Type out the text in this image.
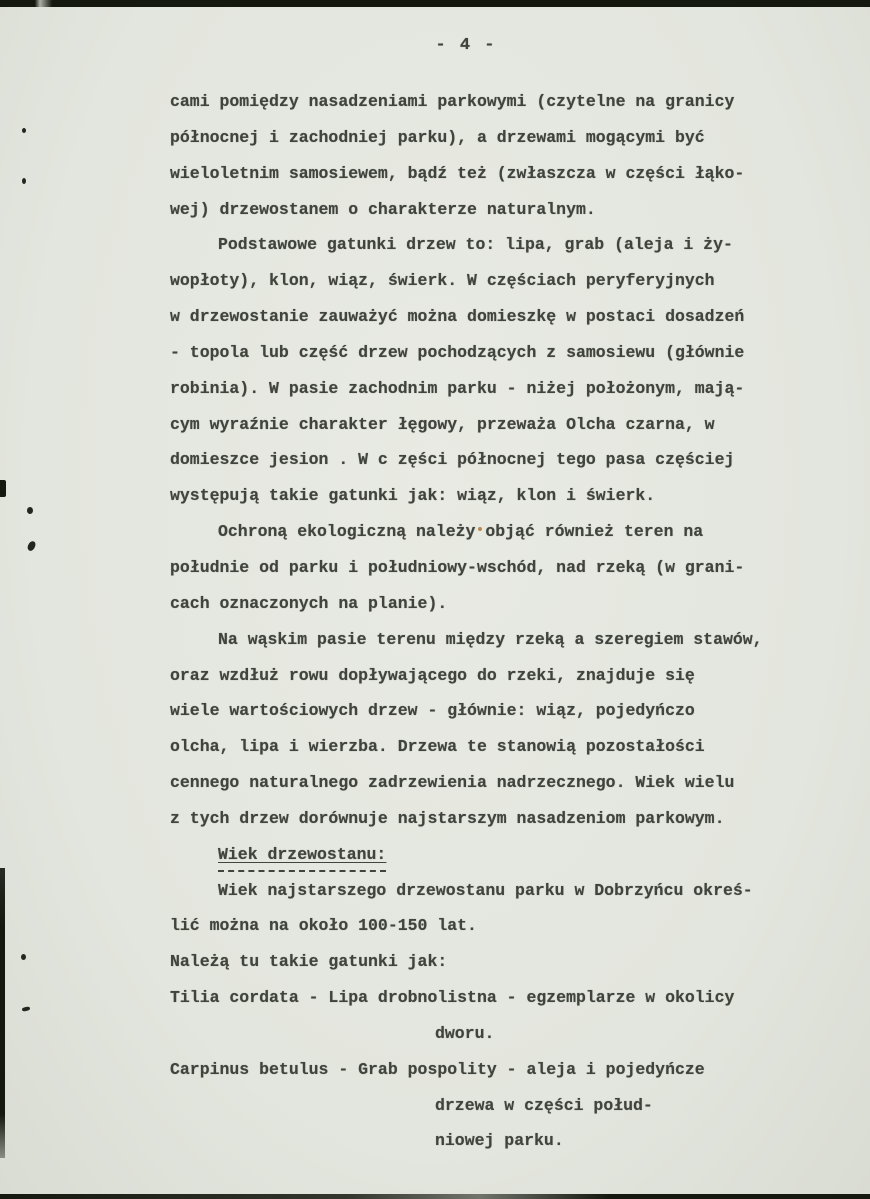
- 4 -
cami pomiędzy nasadzeniami parkowymi (czytelne na granicy
północnej i zachodniej parku), a drzewami mogącymi być
wieloletnim samosiewem, bądź też (zwłaszcza w części łąko-
wej) drzewostanem o charakterze naturalnym.
Podstawowe gatunki drzew to: lipa, grab (aleja i ży-
wopłoty), klon, wiąz, świerk. W częściach peryferyjnych
w drzewostanie zauważyć można domieszkę w postaci dosadzeń
- topola lub część drzew pochodzących z samosiewu (głównie
robinia). W pasie zachodnim parku - niżej położonym, mają-
cym wyraźnie charakter łęgowy, przeważa Olcha czarna, w
domieszce jesion . W c zęści północnej tego pasa częściej
występują takie gatunki jak: wiąz, klon i świerk.
Ochroną ekologiczną należy objąć również teren na
południe od parku i południowy-wschód, nad rzeką (w grani-
cach oznaczonych na planie).
Na wąskim pasie terenu między rzeką a szeregiem stawów,
oraz wzdłuż rowu dopływającego do rzeki, znajduje się
wiele wartościowych drzew - głównie: wiąz, pojedyńczo
olcha, lipa i wierzba. Drzewa te stanowią pozostałości
cennego naturalnego zadrzewienia nadrzecznego. Wiek wielu
z tych drzew dorównuje najstarszym nasadzeniom parkowym.
Wiek drzewostanu:
Wiek najstarszego drzewostanu parku w Dobrzyńcu okreś-
lić można na około 100-150 lat.
Należą tu takie gatunki jak:
Tilia cordata - Lipa drobnolistna - egzemplarze w okolicy
dworu.
Carpinus betulus - Grab pospolity - aleja i pojedyńcze
drzewa w części połud-
niowej parku.
